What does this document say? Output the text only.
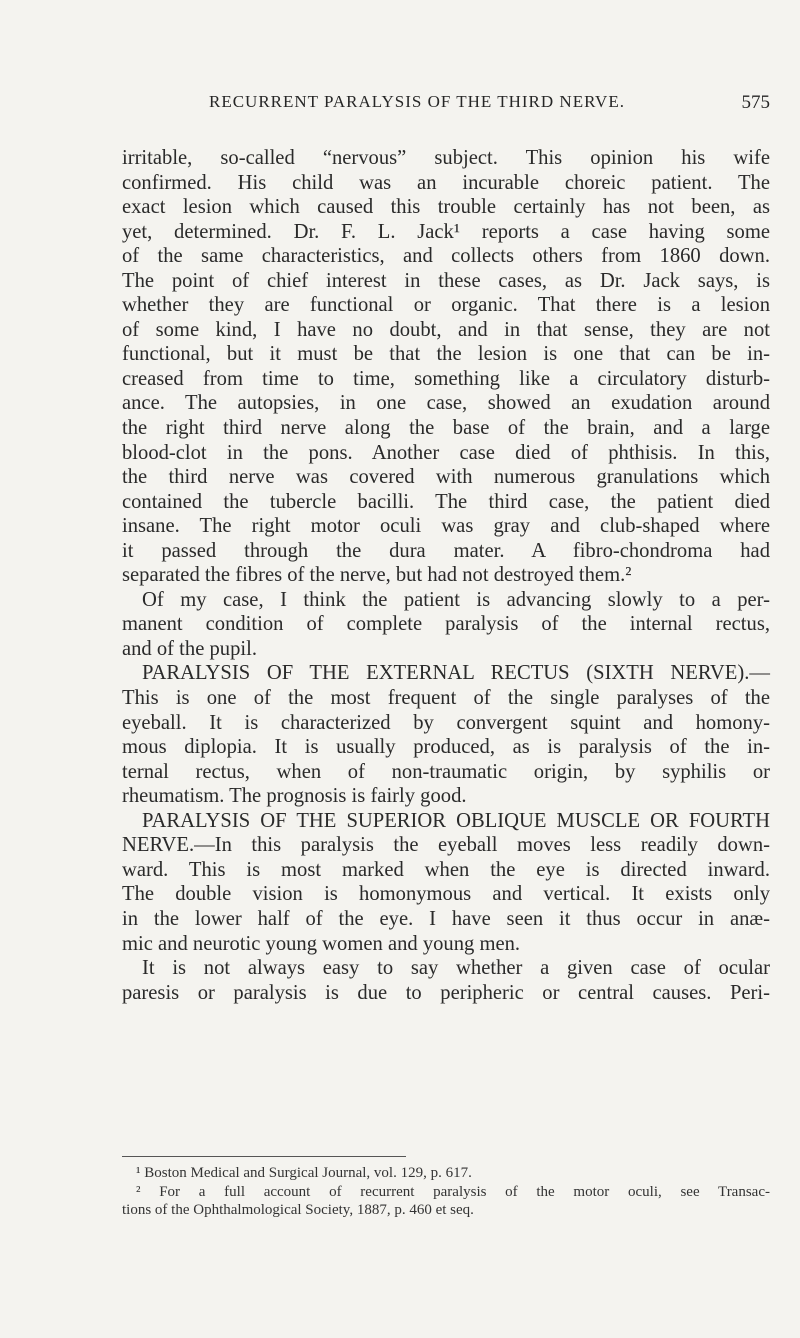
RECURRENT PARALYSIS OF THE THIRD NERVE.	575
irritable, so-called “nervous” subject. This opinion his wife
confirmed. His child was an incurable choreic patient. The
exact lesion which caused this trouble certainly has not been, as
yet, determined. Dr. F. L. Jack¹ reports a case having some
of the same characteristics, and collects others from 1860 down.
The point of chief interest in these cases, as Dr. Jack says, is
whether they are functional or organic. That there is a lesion
of some kind, I have no doubt, and in that sense, they are not
functional, but it must be that the lesion is one that can be in-
creased from time to time, something like a circulatory disturb-
ance. The autopsies, in one case, showed an exudation around
the right third nerve along the base of the brain, and a large
blood-clot in the pons. Another case died of phthisis. In this,
the third nerve was covered with numerous granulations which
contained the tubercle bacilli. The third case, the patient died
insane. The right motor oculi was gray and club-shaped where
it passed through the dura mater. A fibro-chondroma had
separated the fibres of the nerve, but had not destroyed them.²
Of my case, I think the patient is advancing slowly to a per-
manent condition of complete paralysis of the internal rectus,
and of the pupil.
PARALYSIS OF THE EXTERNAL RECTUS (SIXTH NERVE).—
This is one of the most frequent of the single paralyses of the
eyeball. It is characterized by convergent squint and homony-
mous diplopia. It is usually produced, as is paralysis of the in-
ternal rectus, when of non-traumatic origin, by syphilis or
rheumatism. The prognosis is fairly good.
PARALYSIS OF THE SUPERIOR OBLIQUE MUSCLE OR FOURTH
NERVE.—In this paralysis the eyeball moves less readily down-
ward. This is most marked when the eye is directed inward.
The double vision is homonymous and vertical. It exists only
in the lower half of the eye. I have seen it thus occur in anæ-
mic and neurotic young women and young men.
It is not always easy to say whether a given case of ocular
paresis or paralysis is due to peripheric or central causes. Peri-
¹ Boston Medical and Surgical Journal, vol. 129, p. 617.
² For a full account of recurrent paralysis of the motor oculi, see Transac-
tions of the Ophthalmological Society, 1887, p. 460 et seq.
